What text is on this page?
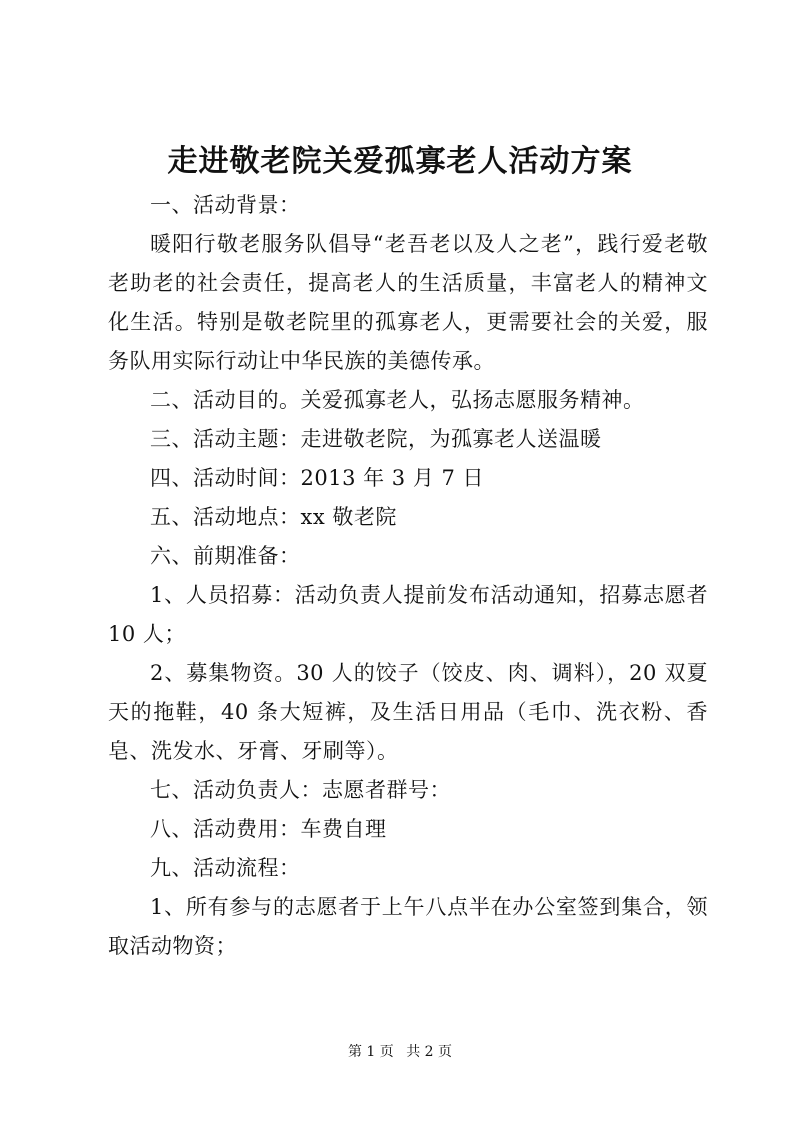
走进敬老院关爱孤寡老人活动方案

一、活动背景：

暖阳行敬老服务队倡导“老吾老以及人之老”，践行爱老敬老助老的社会责任，提高老人的生活质量，丰富老人的精神文化生活。特别是敬老院里的孤寡老人，更需要社会的关爱，服务队用实际行动让中华民族的美德传承。

二、活动目的。关爱孤寡老人，弘扬志愿服务精神。

三、活动主题：走进敬老院，为孤寡老人送温暖

四、活动时间：2013 年 3 月 7 日

五、活动地点：xx 敬老院

六、前期准备：

1、人员招募：活动负责人提前发布活动通知，招募志愿者 10 人；

2、募集物资。30 人的饺子（饺皮、肉、调料），20 双夏天的拖鞋，40 条大短裤，及生活日用品（毛巾、洗衣粉、香皂、洗发水、牙膏、牙刷等）。

七、活动负责人：志愿者群号：

八、活动费用：车费自理

九、活动流程：

1、所有参与的志愿者于上午八点半在办公室签到集合，领取活动物资；

第 1 页 共 2 页
